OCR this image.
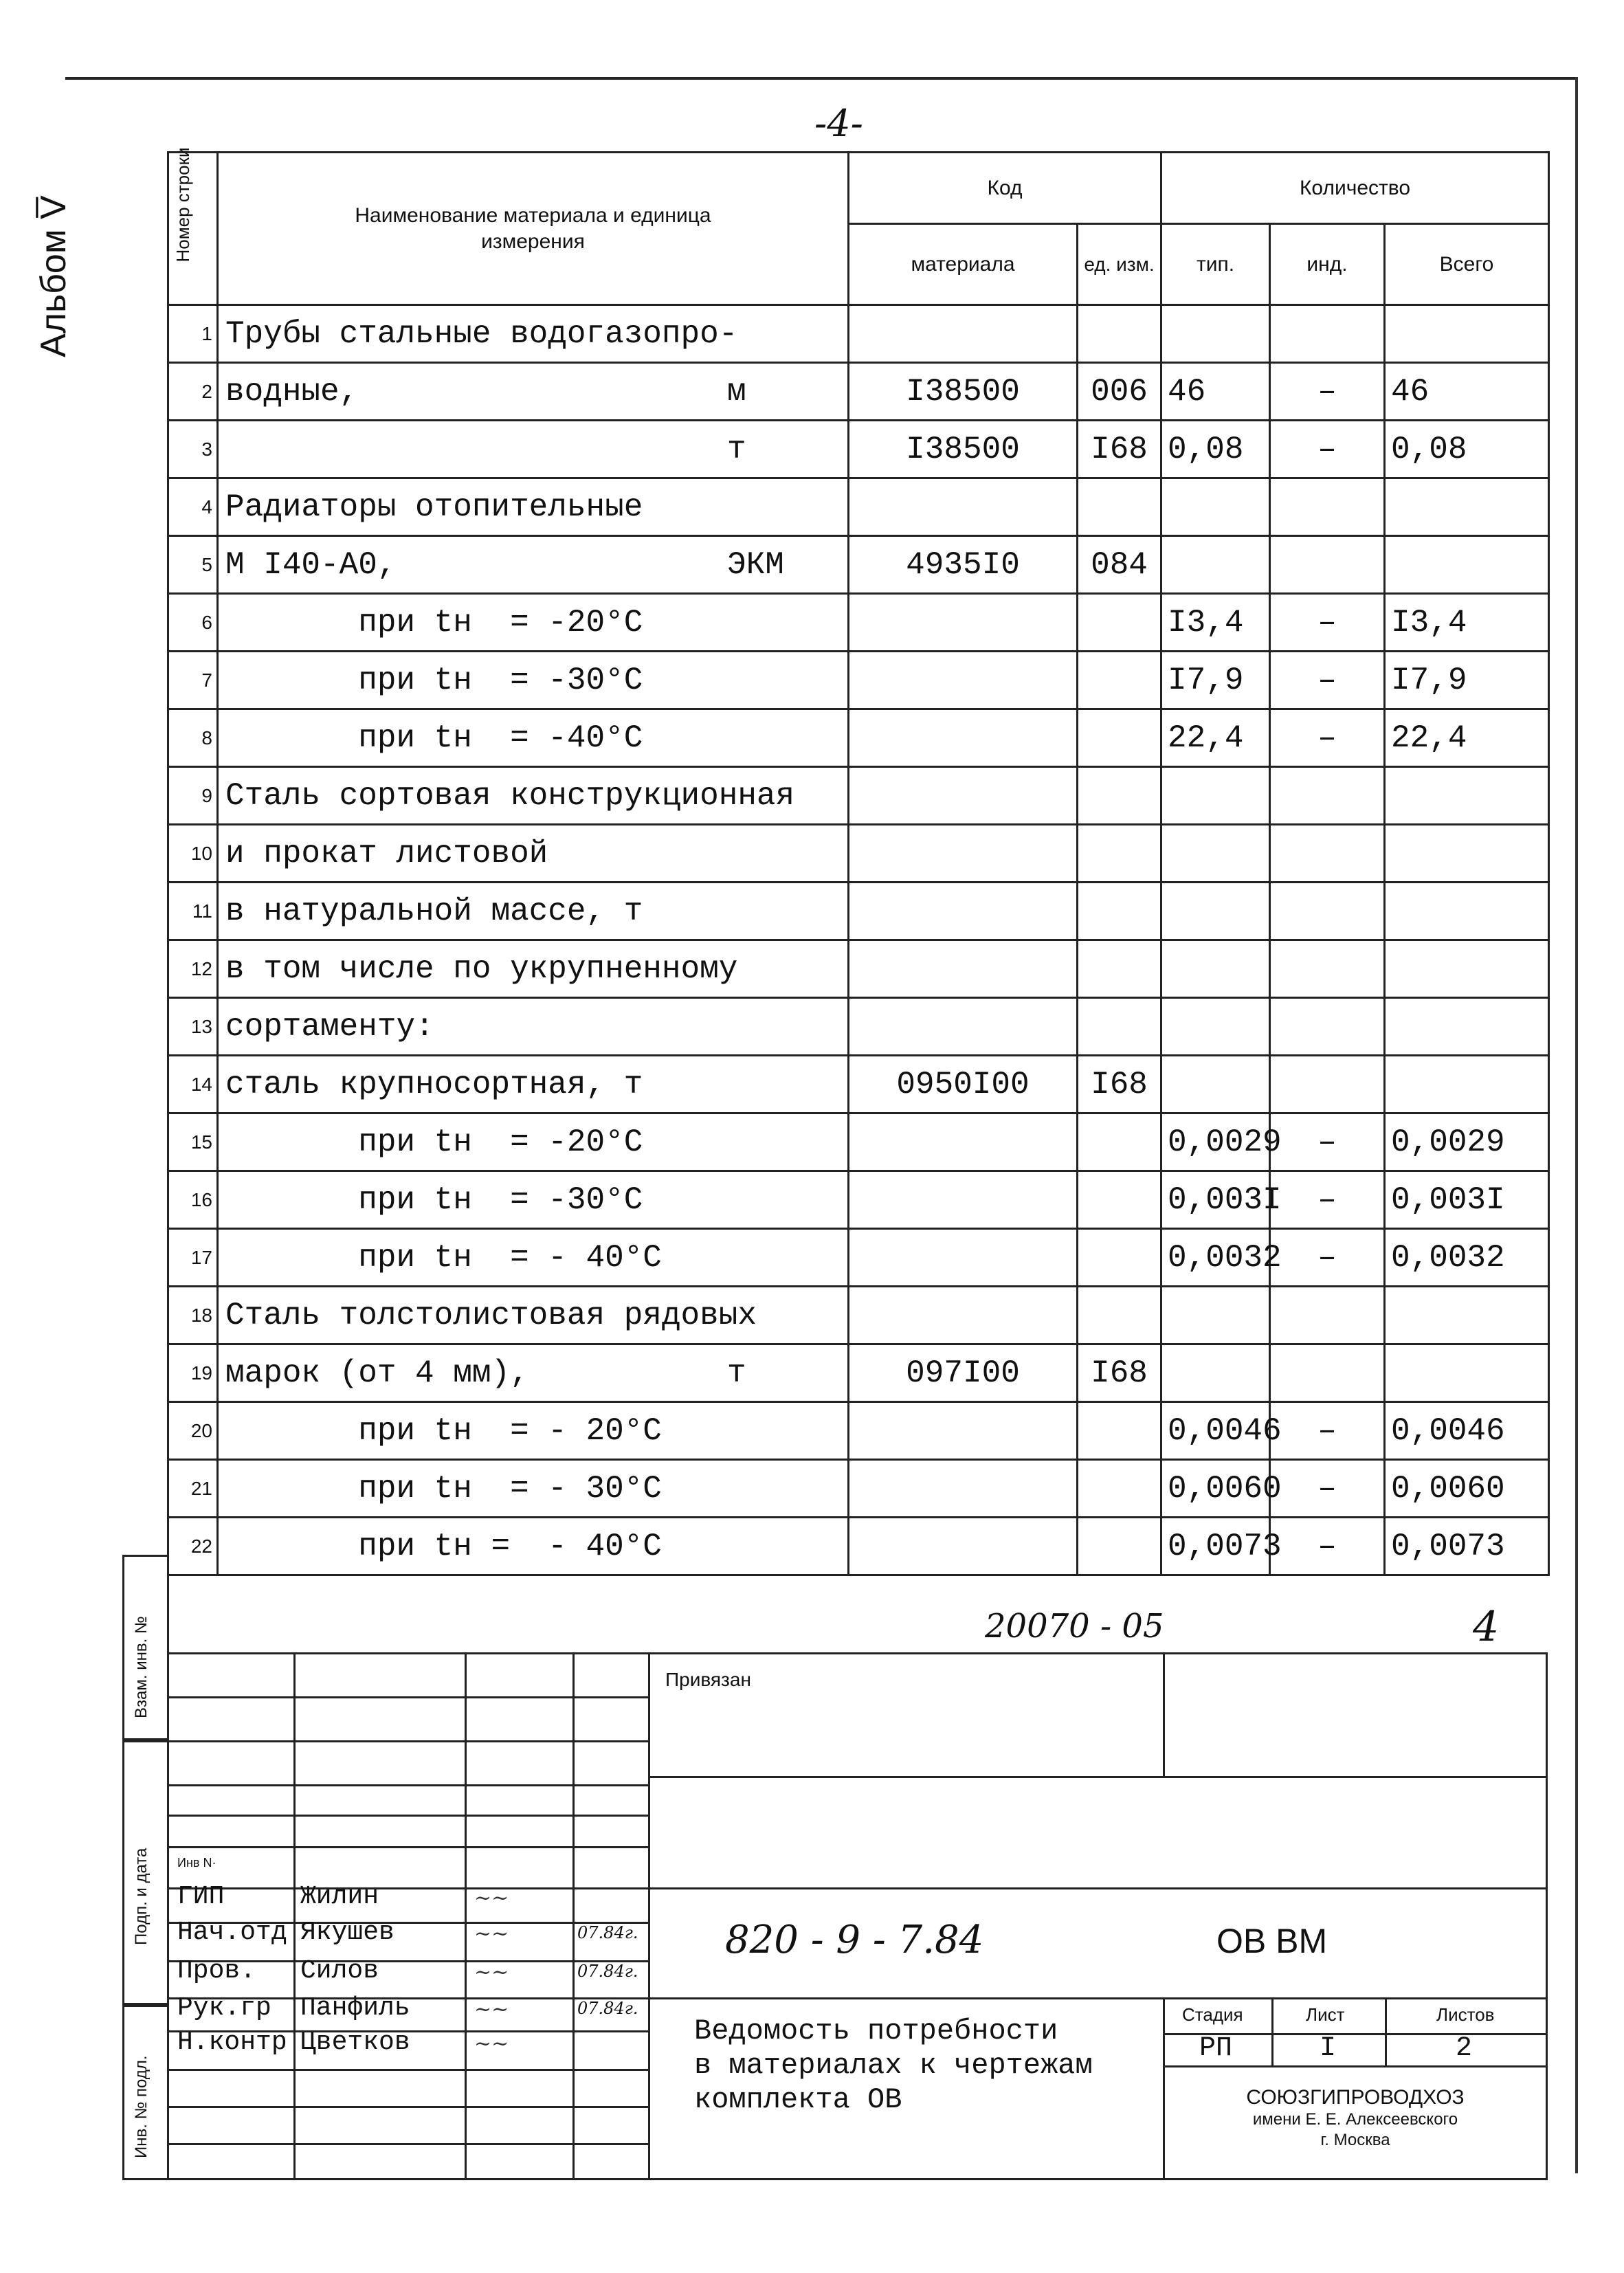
-4-
Альбом V̅	Номер строки	Наименование материала и единица измерения	Код		Количество		
		материала	ед. изм.	тип.	инд.	Всего
1	Трубы стальные водогазопро-					
2	водные, м	I38500	006	46	–	46
3	т	I38500	I68	0,08	–	0,08
4	Радиаторы отопительные					
5	М I40-А0, ЭКМ	4935I0	084			
6	при tн  = -20°С			I3,4	–	I3,4
7	при tн  = -30°С			I7,9	–	I7,9
8	при tн  = -40°С			22,4	–	22,4
9	Сталь сортовая конструкционная					
10	и прокат листовой					
11	в натуральной массе, т					
12	в том числе по укрупненному					
13	сортаменту:					
14	сталь крупносортная, т	0950I00	I68			
15	при tн  = -20°С			0,0029	–	0,0029
16	при tн  = -30°С			0,003I	–	0,003I
17	при tн  = - 40°С			0,0032	–	0,0032
18	Сталь толстолистовая рядовых					
19	марок (от 4 мм), т	097I00	I68			
20	при tн  = - 20°С			0,0046	–	0,0046
21	при tн  = - 30°С			0,0060	–	0,0060
22	при tн =  - 40°С			0,0073	–	0,0073
20070 - 05	4
Взам. инв. №
Подп. и дата
Инв. № подл.
Привязан
Инв N·
ГИП	Жилин	~~
Нач.отд Якушев	~~	07.84г.
Пров. Силов	~~	07.84г.
Рук.гр Панфиль	~~	07.84г.
Н.контр Цветков	~~
820 - 9 - 7.84	ОВ ВМ
Ведомость потребности
в материалах к чертежам
комплекта ОВ
Стадия	Лист	Листов
РП	I	2
СОЮЗГИПРОВОДХОЗ
имени Е. Е. Алексеевского
г. Москва
